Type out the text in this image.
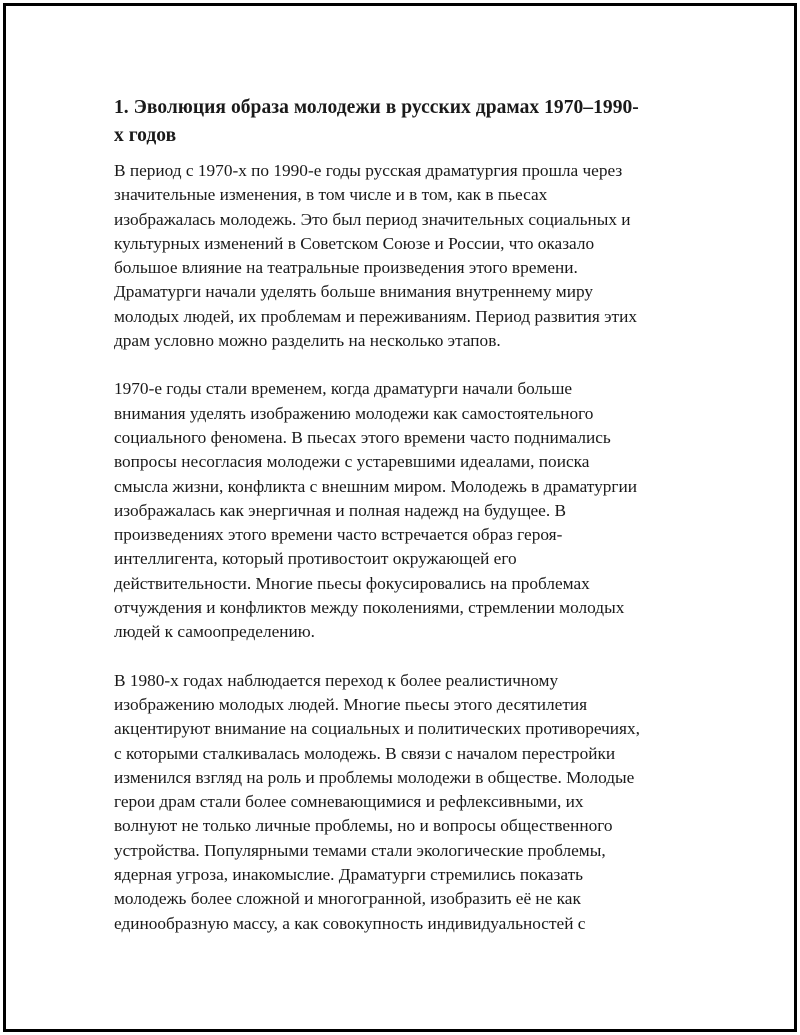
1. Эволюция образа молодежи в русских драмах 1970–1990-
х годов

В период с 1970-х по 1990-е годы русская драматургия прошла через
значительные изменения, в том числе и в том, как в пьесах
изображалась молодежь. Это был период значительных социальных и
культурных изменений в Советском Союзе и России, что оказало
большое влияние на театральные произведения этого времени.
Драматурги начали уделять больше внимания внутреннему миру
молодых людей, их проблемам и переживаниям. Период развития этих
драм условно можно разделить на несколько этапов.

1970-е годы стали временем, когда драматурги начали больше
внимания уделять изображению молодежи как самостоятельного
социального феномена. В пьесах этого времени часто поднимались
вопросы несогласия молодежи с устаревшими идеалами, поиска
смысла жизни, конфликта с внешним миром. Молодежь в драматургии
изображалась как энергичная и полная надежд на будущее. В
произведениях этого времени часто встречается образ героя-
интеллигента, который противостоит окружающей его
действительности. Многие пьесы фокусировались на проблемах
отчуждения и конфликтов между поколениями, стремлении молодых
людей к самоопределению.

В 1980-х годах наблюдается переход к более реалистичному
изображению молодых людей. Многие пьесы этого десятилетия
акцентируют внимание на социальных и политических противоречиях,
с которыми сталкивалась молодежь. В связи с началом перестройки
изменился взгляд на роль и проблемы молодежи в обществе. Молодые
герои драм стали более сомневающимися и рефлексивными, их
волнуют не только личные проблемы, но и вопросы общественного
устройства. Популярными темами стали экологические проблемы,
ядерная угроза, инакомыслие. Драматурги стремились показать
молодежь более сложной и многогранной, изобразить её не как
единообразную массу, а как совокупность индивидуальностей с
